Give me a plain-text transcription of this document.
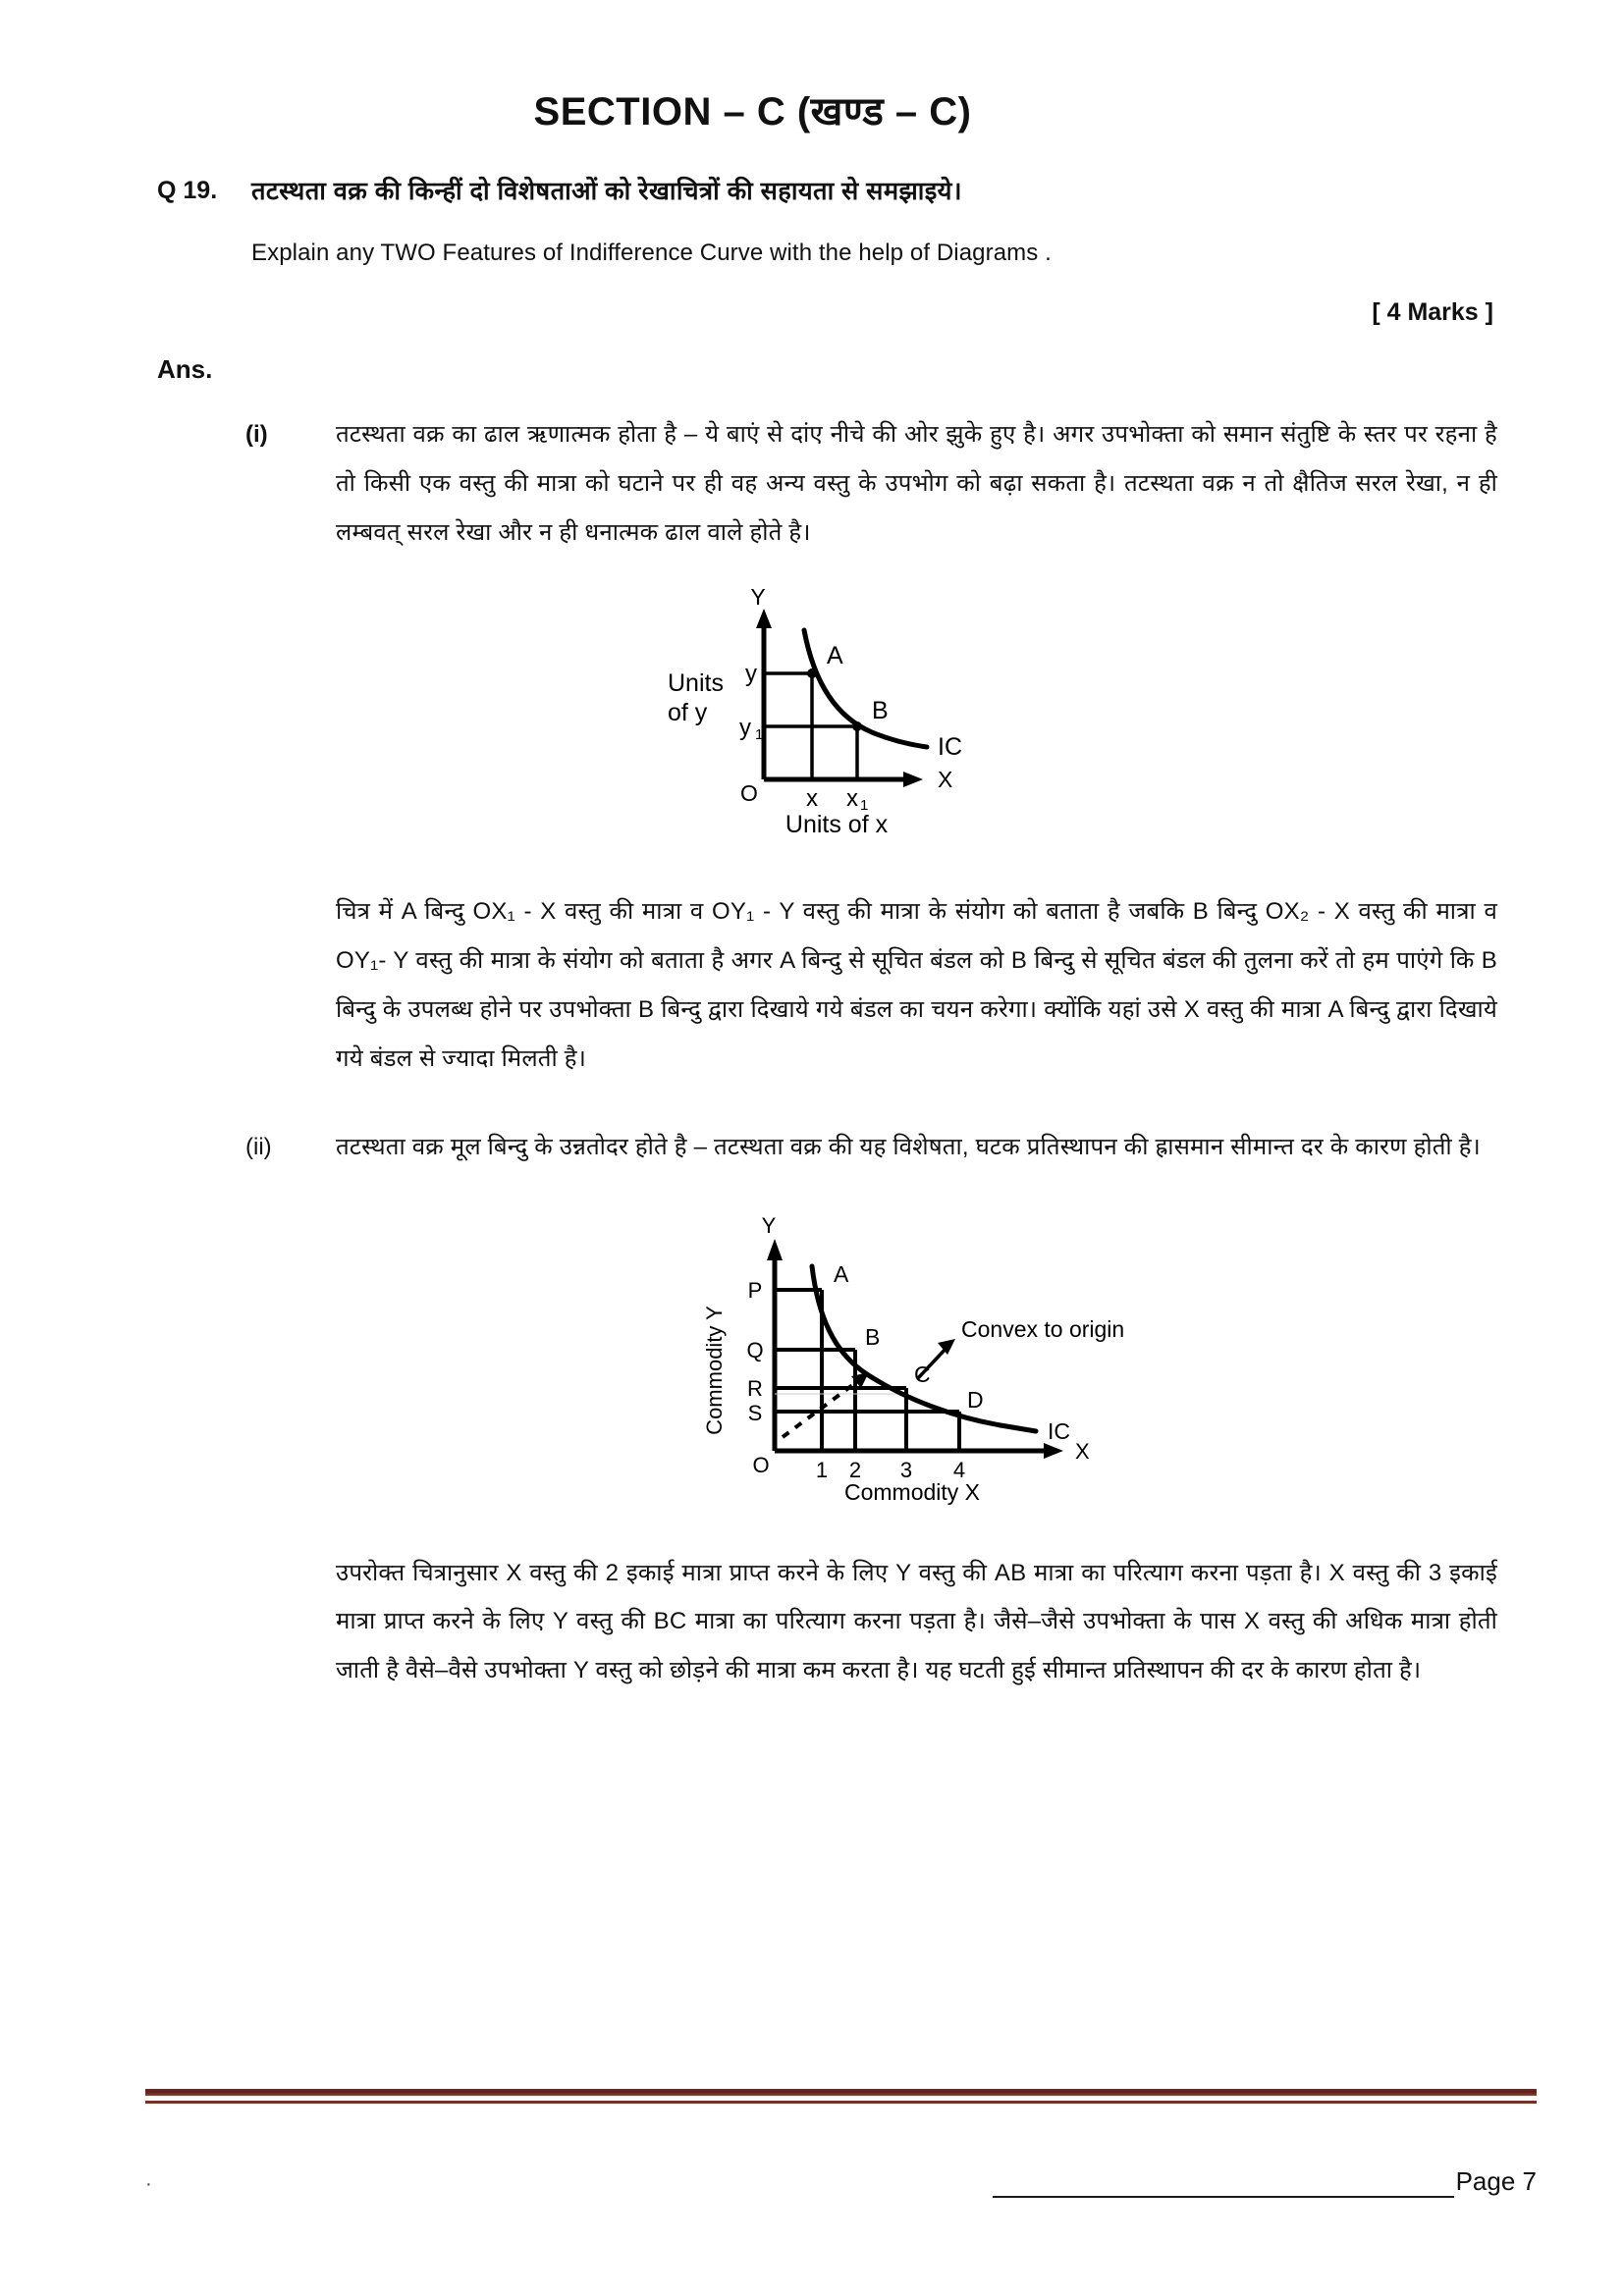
SECTION – C (खण्ड – C)
Q 19.	तटस्थता वक्र की किन्हीं दो विशेषताओं को रेखाचित्रों की सहायता से समझाइये।
Explain any TWO Features of Indifference Curve with the help of Diagrams .
[ 4 Marks ]
Ans.
(i)	तटस्थता वक्र का ढाल ऋणात्मक होता है – ये बाएं से दांए नीचे की ओर झुके हुए है। अगर उपभोक्ता को समान संतुष्टि के स्तर पर रहना है तो किसी एक वस्तु की मात्रा को घटाने पर ही वह अन्य वस्तु के उपभोग को बढ़ा सकता है। तटस्थता वक्र न तो क्षैतिज सरल रेखा, न ही लम्बवत् सरल रेखा और न ही धनात्मक ढाल वाले होते है।
Y
X
O
Units
of y
y
y 1
x x 1
A
B
IC
Units of x
चित्र में A बिन्दु OX₁ - X वस्तु की मात्रा व OY₁ - Y वस्तु की मात्रा के संयोग को बताता है जबकि B बिन्दु OX₂ - X वस्तु की मात्रा व OY₁- Y वस्तु की मात्रा के संयोग को बताता है अगर A बिन्दु से सूचित बंडल को B बिन्दु से सूचित बंडल की तुलना करें तो हम पाएंगे कि B बिन्दु के उपलब्ध होने पर उपभोक्ता B बिन्दु द्वारा दिखाये गये बंडल का चयन करेगा। क्योंकि यहां उसे X वस्तु की मात्रा A बिन्दु द्वारा दिखाये गये बंडल से ज्यादा मिलती है।
(ii)	तटस्थता वक्र मूल बिन्दु के उन्नतोदर होते है – तटस्थता वक्र की यह विशेषता, घटक प्रतिस्थापन की ह्रासमान सीमान्त दर के कारण होती है।
Y
X
O
Commodity Y
P
Q
R
S
1 2 3 4
A
B
C
D
IC
Convex to origin
Commodity X
उपरोक्त चित्रानुसार X वस्तु की 2 इकाई मात्रा प्राप्त करने के लिए Y वस्तु की AB मात्रा का परित्याग करना पड़ता है। X वस्तु की 3 इकाई मात्रा प्राप्त करने के लिए Y वस्तु की BC मात्रा का परित्याग करना पड़ता है। जैसे–जैसे उपभोक्ता के पास X वस्तु की अधिक मात्रा होती जाती है वैसे–वैसे उपभोक्ता Y वस्तु को छोड़ने की मात्रा कम करता है। यह घटती हुई सीमान्त प्रतिस्थापन की दर के कारण होता है।
·	Page 7
